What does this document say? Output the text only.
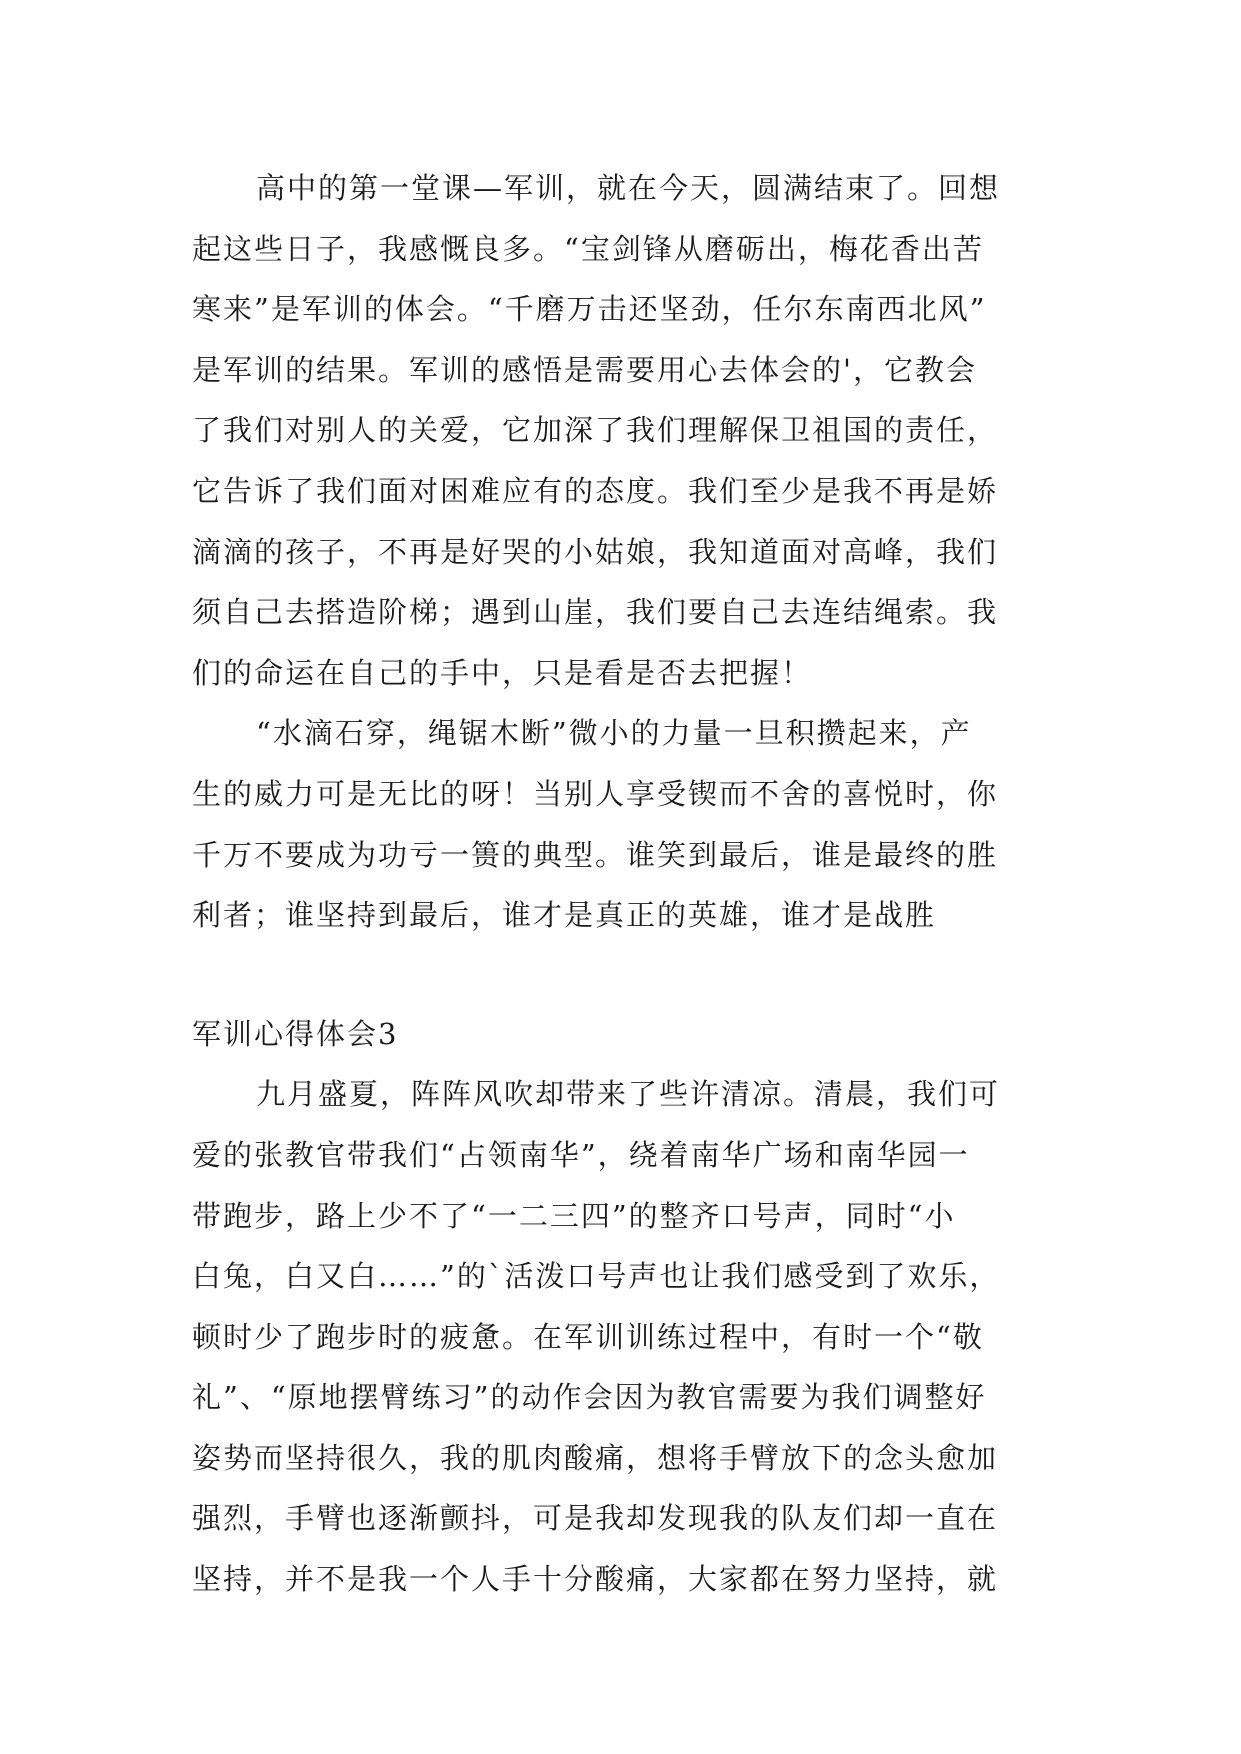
高中的第一堂课—军训，就在今天，圆满结束了。回想
起这些日子，我感慨良多。“宝剑锋从磨砺出，梅花香出苦
寒来”是军训的体会。“千磨万击还坚劲，任尔东南西北风”
是军训的结果。军训的感悟是需要用心去体会的'，它教会
了我们对别人的关爱，它加深了我们理解保卫祖国的责任，
它告诉了我们面对困难应有的态度。我们至少是我不再是娇
滴滴的孩子，不再是好哭的小姑娘，我知道面对高峰，我们
须自己去搭造阶梯；遇到山崖，我们要自己去连结绳索。我
们的命运在自己的手中，只是看是否去把握！
“水滴石穿，绳锯木断”微小的力量一旦积攒起来，产
生的威力可是无比的呀！当别人享受锲而不舍的喜悦时，你
千万不要成为功亏一篑的典型。谁笑到最后，谁是最终的胜
利者；谁坚持到最后，谁才是真正的英雄，谁才是战胜
军训心得体会3
九月盛夏，阵阵风吹却带来了些许清凉。清晨，我们可
爱的张教官带我们“占领南华”，绕着南华广场和南华园一
带跑步，路上少不了“一二三四”的整齐口号声，同时“小
白兔，白又白……”的`活泼口号声也让我们感受到了欢乐，
顿时少了跑步时的疲惫。在军训训练过程中，有时一个“敬
礼”、“原地摆臂练习”的动作会因为教官需要为我们调整好
姿势而坚持很久，我的肌肉酸痛，想将手臂放下的念头愈加
强烈，手臂也逐渐颤抖，可是我却发现我的队友们却一直在
坚持，并不是我一个人手十分酸痛，大家都在努力坚持，就
